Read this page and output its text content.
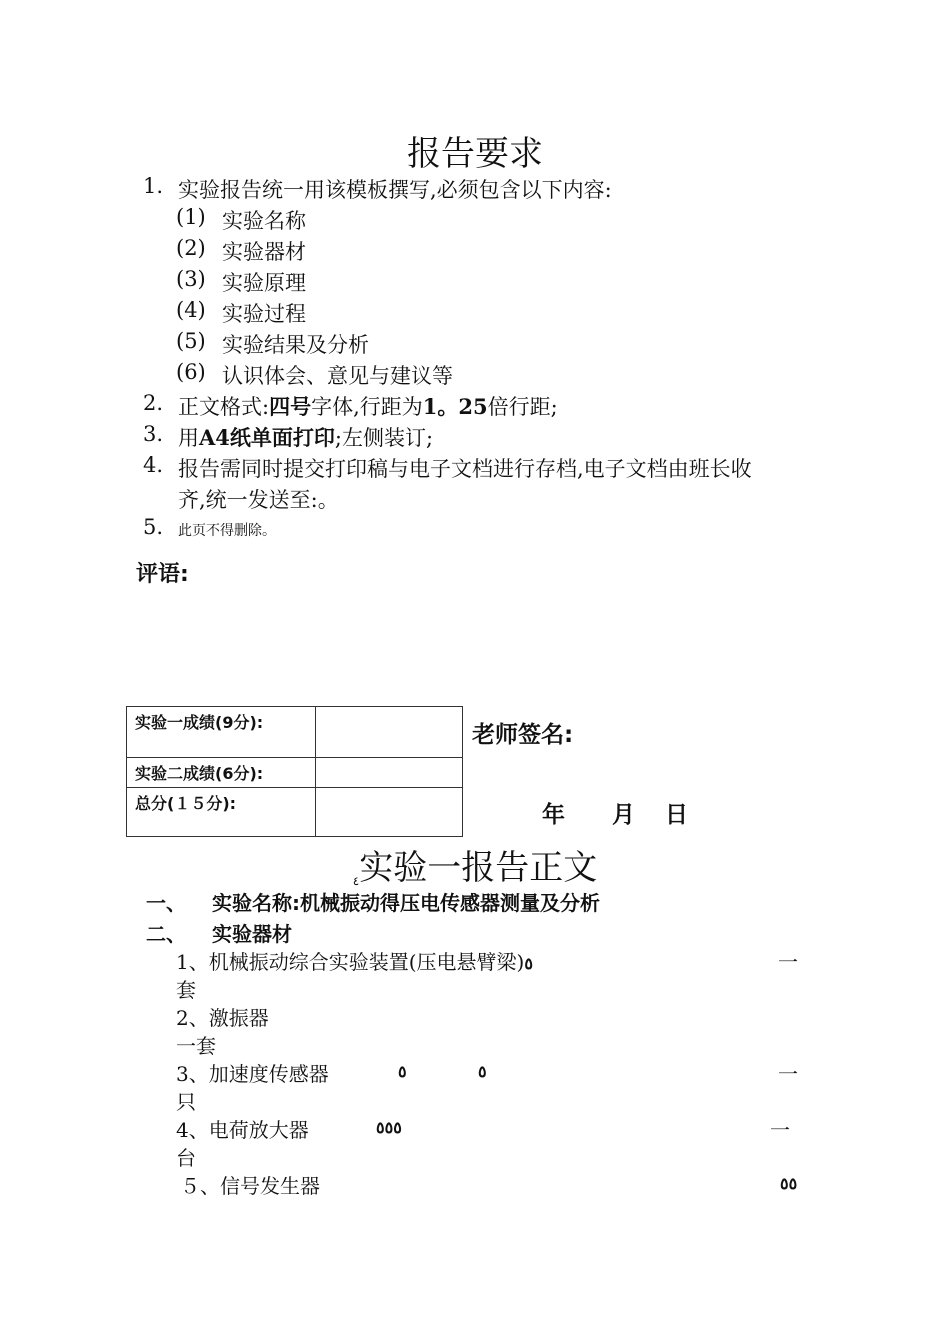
报告要求
1. 实验报告统一用该模板撰写,必须包含以下内容:
(1) 实验名称
(2) 实验器材
(3) 实验原理
(4) 实验过程
(5) 实验结果及分析
(6) 认识体会、意见与建议等
2. 正文格式:四号字体,行距为1。25倍行距;
3. 用A4纸单面打印;左侧装订;
4. 报告需同时提交打印稿与电子文档进行存档,电子文档由班长收
齐,统一发送至:。
5. 此页不得删除。
评语:
实验一成绩(9分):	
实验二成绩(6分):	
总分(１５分):	
老师签名:
年 月 日
٤实验一报告正文
一、 实验名称:机械振动得压电传感器测量及分析
二、 实验器材
1、机械振动综合实验装置(压电悬臂梁)٥	一
套
2、激振器
一套
3、加速度传感器	٥	٥	一
只
4、电荷放大器	٥٥٥	一
台
５、信号发生器	٥٥
